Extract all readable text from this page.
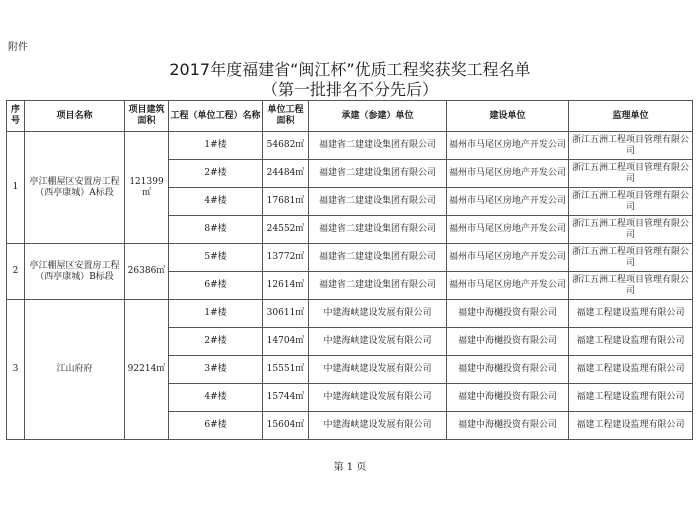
附件
2017年度福建省“闽江杯”优质工程奖获奖工程名单
（第一批排名不分先后）
序号	项目名称	项目建筑面积	工程（单位工程）名称	单位工程面积	承建（参建）单位	建设单位	监理单位
1	亭江棚屋区安置房工程（西亭康城）A标段	121399㎡	1#楼	54682㎡	福建省二建建设集团有限公司	福州市马尾区房地产开发公司	浙江五洲工程项目管理有限公司
			2#楼	24484㎡	福建省二建建设集团有限公司	福州市马尾区房地产开发公司	浙江五洲工程项目管理有限公司
			4#楼	17681㎡	福建省二建建设集团有限公司	福州市马尾区房地产开发公司	浙江五洲工程项目管理有限公司
			8#楼	24552㎡	福建省二建建设集团有限公司	福州市马尾区房地产开发公司	浙江五洲工程项目管理有限公司
2	亭江棚屋区安置房工程（西亭康城）B标段	26386㎡	5#楼	13772㎡	福建省二建建设集团有限公司	福州市马尾区房地产开发公司	浙江五洲工程项目管理有限公司
			6#楼	12614㎡	福建省二建建设集团有限公司	福州市马尾区房地产开发公司	浙江五洲工程项目管理有限公司
3	江山府府	92214㎡	1#楼	30611㎡	中建海峡建设发展有限公司	福建中海樾投资有限公司	福建工程建设监理有限公司
			2#楼	14704㎡	中建海峡建设发展有限公司	福建中海樾投资有限公司	福建工程建设监理有限公司
			3#楼	15551㎡	中建海峡建设发展有限公司	福建中海樾投资有限公司	福建工程建设监理有限公司
			4#楼	15744㎡	中建海峡建设发展有限公司	福建中海樾投资有限公司	福建工程建设监理有限公司
			6#楼	15604㎡	中建海峡建设发展有限公司	福建中海樾投资有限公司	福建工程建设监理有限公司
第 1 页
